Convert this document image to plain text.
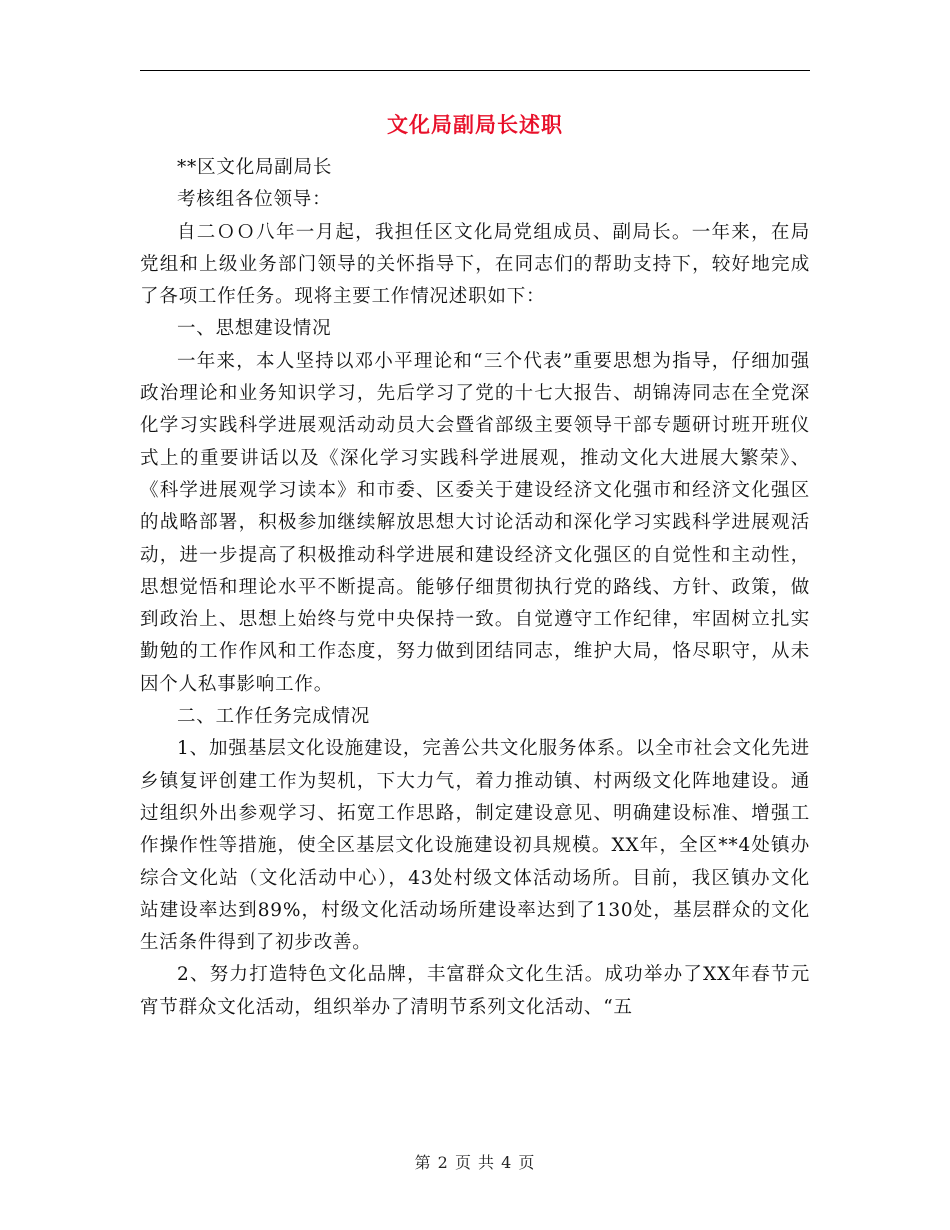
文化局副局长述职

**区文化局副局长

考核组各位领导：

自二ＯＯ八年一月起，我担任区文化局党组成员、副局长。一年来，在局党组和上级业务部门领导的关怀指导下，在同志们的帮助支持下，较好地完成了各项工作任务。现将主要工作情况述职如下：

一、思想建设情况

一年来，本人坚持以邓小平理论和“三个代表”重要思想为指导，仔细加强政治理论和业务知识学习，先后学习了党的十七大报告、胡锦涛同志在全党深化学习实践科学进展观活动动员大会暨省部级主要领导干部专题研讨班开班仪式上的重要讲话以及《深化学习实践科学进展观，推动文化大进展大繁荣》、《科学进展观学习读本》和市委、区委关于建设经济文化强市和经济文化强区的战略部署，积极参加继续解放思想大讨论活动和深化学习实践科学进展观活动，进一步提高了积极推动科学进展和建设经济文化强区的自觉性和主动性，思想觉悟和理论水平不断提高。能够仔细贯彻执行党的路线、方针、政策，做到政治上、思想上始终与党中央保持一致。自觉遵守工作纪律，牢固树立扎实勤勉的工作作风和工作态度，努力做到团结同志，维护大局，恪尽职守，从未因个人私事影响工作。

二、工作任务完成情况

1、加强基层文化设施建设，完善公共文化服务体系。以全市社会文化先进乡镇复评创建工作为契机，下大力气，着力推动镇、村两级文化阵地建设。通过组织外出参观学习、拓宽工作思路，制定建设意见、明确建设标准、增强工作操作性等措施，使全区基层文化设施建设初具规模。XX年，全区**4处镇办综合文化站（文化活动中心），43处村级文体活动场所。目前，我区镇办文化站建设率达到89%，村级文化活动场所建设率达到了130处，基层群众的文化生活条件得到了初步改善。

2、努力打造特色文化品牌，丰富群众文化生活。成功举办了XX年春节元宵节群众文化活动，组织举办了清明节系列文化活动、“五

第 2 页 共 4 页
